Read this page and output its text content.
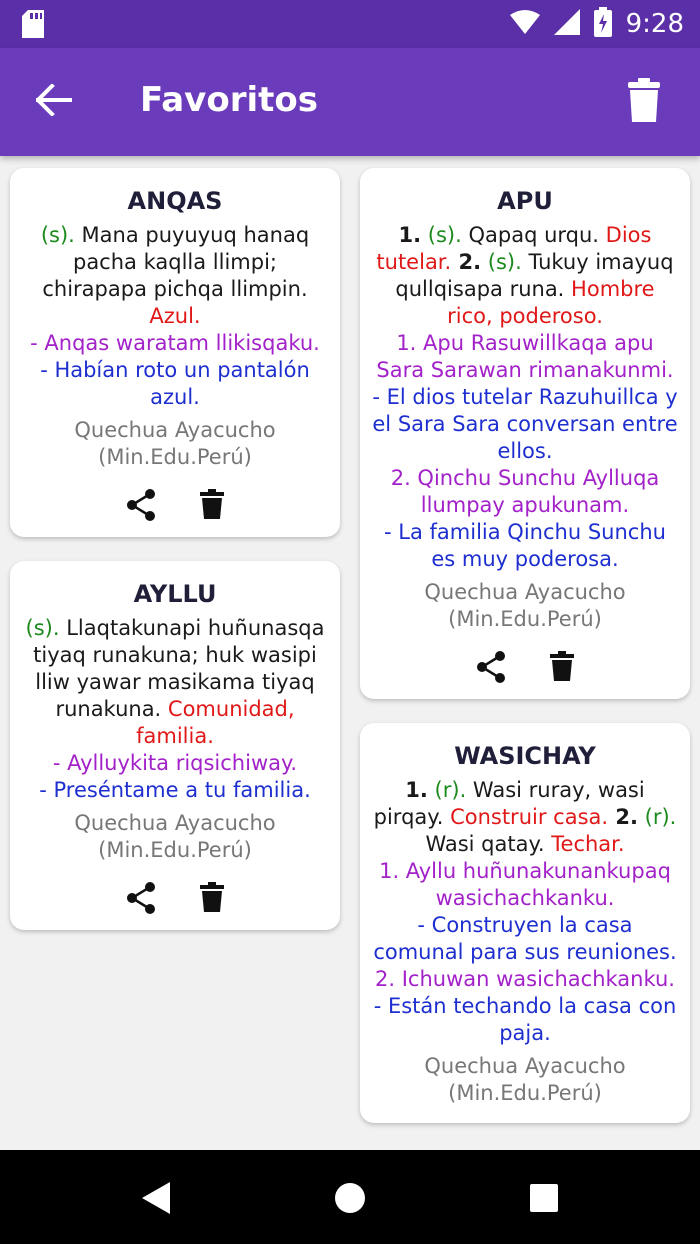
9:28
Favoritos
ANQAS
(s). Mana puyuyuq hanaq pacha kaqlla llimpi; chirapapa pichqa llimpin. Azul.
- Anqas waratam llikisqaku.
- Habían roto un pantalón azul.
Quechua Ayacucho (Min.Edu.Perú)
AYLLU
(s). Llaqtakunapi huñunasqa tiyaq runakuna; huk wasipi lliw yawar masikama tiyaq runakuna. Comunidad, familia.
- Aylluykita riqsichiway.
- Preséntame a tu familia.
Quechua Ayacucho (Min.Edu.Perú)
APU
1. (s). Qapaq urqu. Dios tutelar. 2. (s). Tukuy imayuq qullqisapa runa. Hombre rico, poderoso.
1. Apu Rasuwillkaqa apu Sara Sarawan rimanakunmi.
- El dios tutelar Razuhuillca y el Sara Sara conversan entre ellos.
2. Qinchu Sunchu Aylluqa llumpay apukunam.
- La familia Qinchu Sunchu es muy poderosa.
Quechua Ayacucho (Min.Edu.Perú)
WASICHAY
1. (r). Wasi ruray, wasi pirqay. Construir casa. 2. (r). Wasi qatay. Techar.
1. Ayllu huñunakunankupaq wasichachkanku.
- Construyen la casa comunal para sus reuniones.
2. Ichuwan wasichachkanku.
- Están techando la casa con paja.
Quechua Ayacucho (Min.Edu.Perú)
